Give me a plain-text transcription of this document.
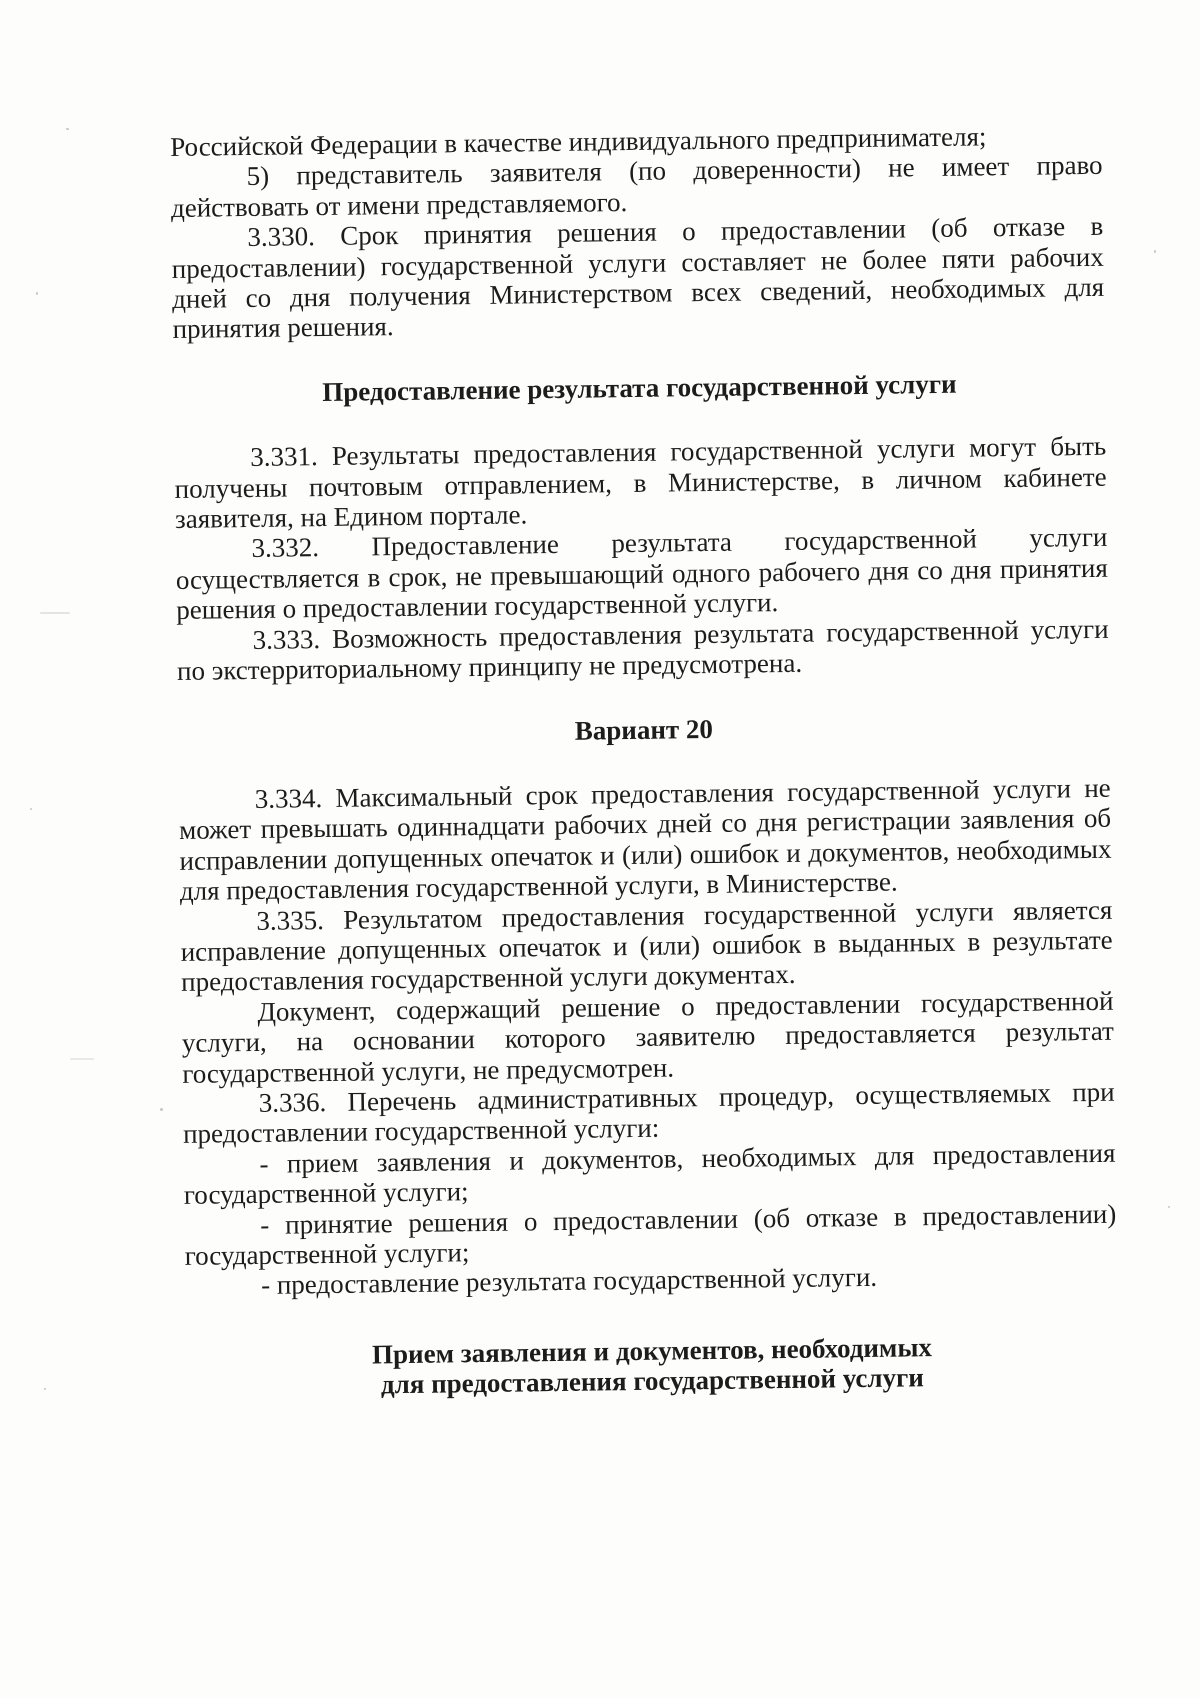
Российской Федерации в качестве индивидуального предпринимателя;

5) представитель заявителя (по доверенности) не имеет право действовать от имени представляемого.

3.330. Срок принятия решения о предоставлении (об отказе в предоставлении) государственной услуги составляет не более пяти рабочих дней со дня получения Министерством всех сведений, необходимых для принятия решения.

Предоставление результата государственной услуги

3.331. Результаты предоставления государственной услуги могут быть получены почтовым отправлением, в Министерстве, в личном кабинете заявителя, на Едином портале.

3.332. Предоставление результата государственной услуги осуществляется в срок, не превышающий одного рабочего дня со дня принятия решения о предоставлении государственной услуги.

3.333. Возможность предоставления результата государственной услуги по экстерриториальному принципу не предусмотрена.

Вариант 20

3.334. Максимальный срок предоставления государственной услуги не может превышать одиннадцати рабочих дней со дня регистрации заявления об исправлении допущенных опечаток и (или) ошибок и документов, необходимых для предоставления государственной услуги, в Министерстве.

3.335. Результатом предоставления государственной услуги является исправление допущенных опечаток и (или) ошибок в выданных в результате предоставления государственной услуги документах.

Документ, содержащий решение о предоставлении государственной услуги, на основании которого заявителю предоставляется результат государственной услуги, не предусмотрен.

3.336. Перечень административных процедур, осуществляемых при предоставлении государственной услуги:

- прием заявления и документов, необходимых для предоставления государственной услуги;

- принятие решения о предоставлении (об отказе в предоставлении) государственной услуги;

- предоставление результата государственной услуги.

Прием заявления и документов, необходимых

для предоставления государственной услуги
